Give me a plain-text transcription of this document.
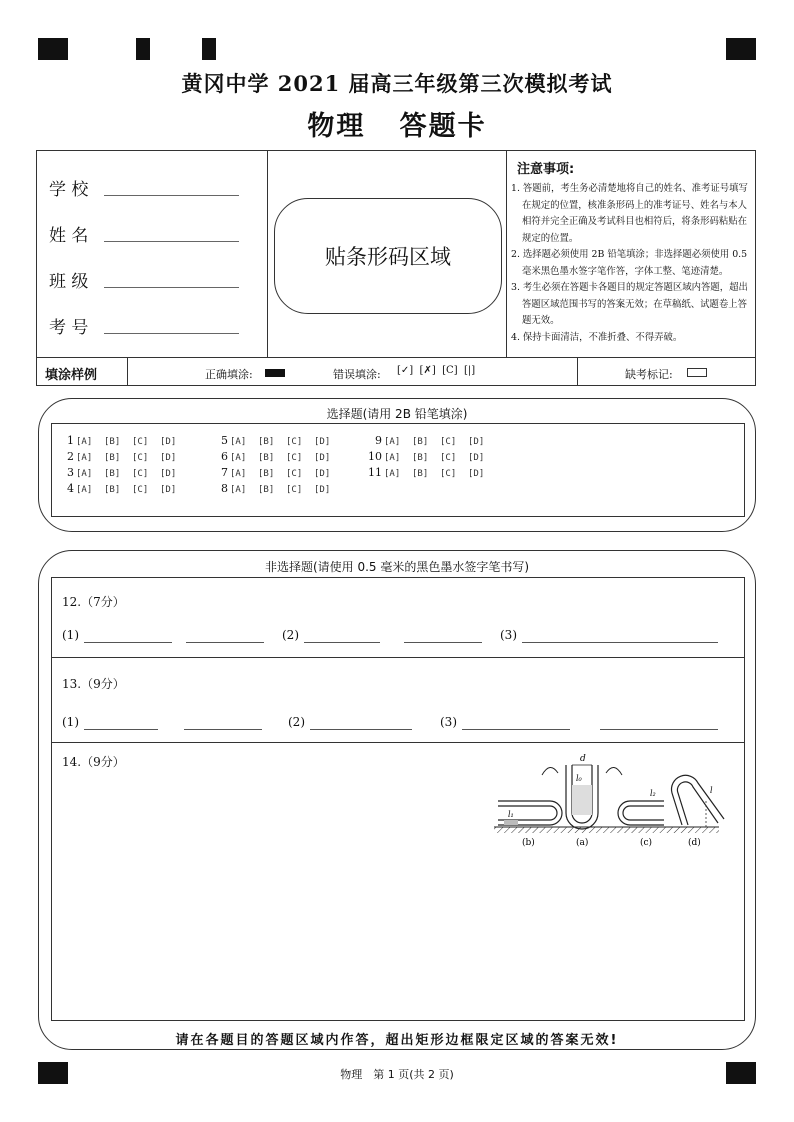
黄冈中学 2021 届高三年级第三次模拟考试
物理 答题卡
学 校
姓 名
班 级
考 号
贴条形码区域
注意事项:
1. 答题前，考生务必清楚地将自己的姓名、准考证号填写在规定的位置，核准条形码上的准考证号、姓名与本人相符并完全正确及考试科目也相符后，将条形码粘贴在规定的位置。
2. 选择题必须使用 2B 铅笔填涂；非选择题必须使用 0.5 毫米黑色墨水签字笔作答，字体工整、笔迹清楚。
3. 考生必须在答题卡各题目的规定答题区域内答题，超出答题区域范围书写的答案无效；在草稿纸、试题卷上答题无效。
4. 保持卡面清洁，不准折叠、不得弄破。
填涂样例	正确填涂:	错误填涂: [✓]  [✗]  [C]  [|]	缺考标记:
选择题(请用 2B 铅笔填涂)
1 [A] [B] [C] [D]
2 [A] [B] [C] [D]
3 [A] [B] [C] [D]
4 [A] [B] [C] [D]
5 [A] [B] [C] [D]
6 [A] [B] [C] [D]
7 [A] [B] [C] [D]
8 [A] [B] [C] [D]
9 [A] [B] [C] [D]
10 [A] [B] [C] [D]
11 [A] [B] [C] [D]
非选择题(请使用 0.5 毫米的黑色墨水签字笔书写)
12.（7分）
(1)	(2)	(3)
13.（9分）
(1)	(2)	(3)
14.（9分）
l₁
d
l₀
l₂	l
(b)	(a)	(c)	(d)
请在各题目的答题区域内作答，超出矩形边框限定区域的答案无效!
物理　第 1 页(共 2 页)
